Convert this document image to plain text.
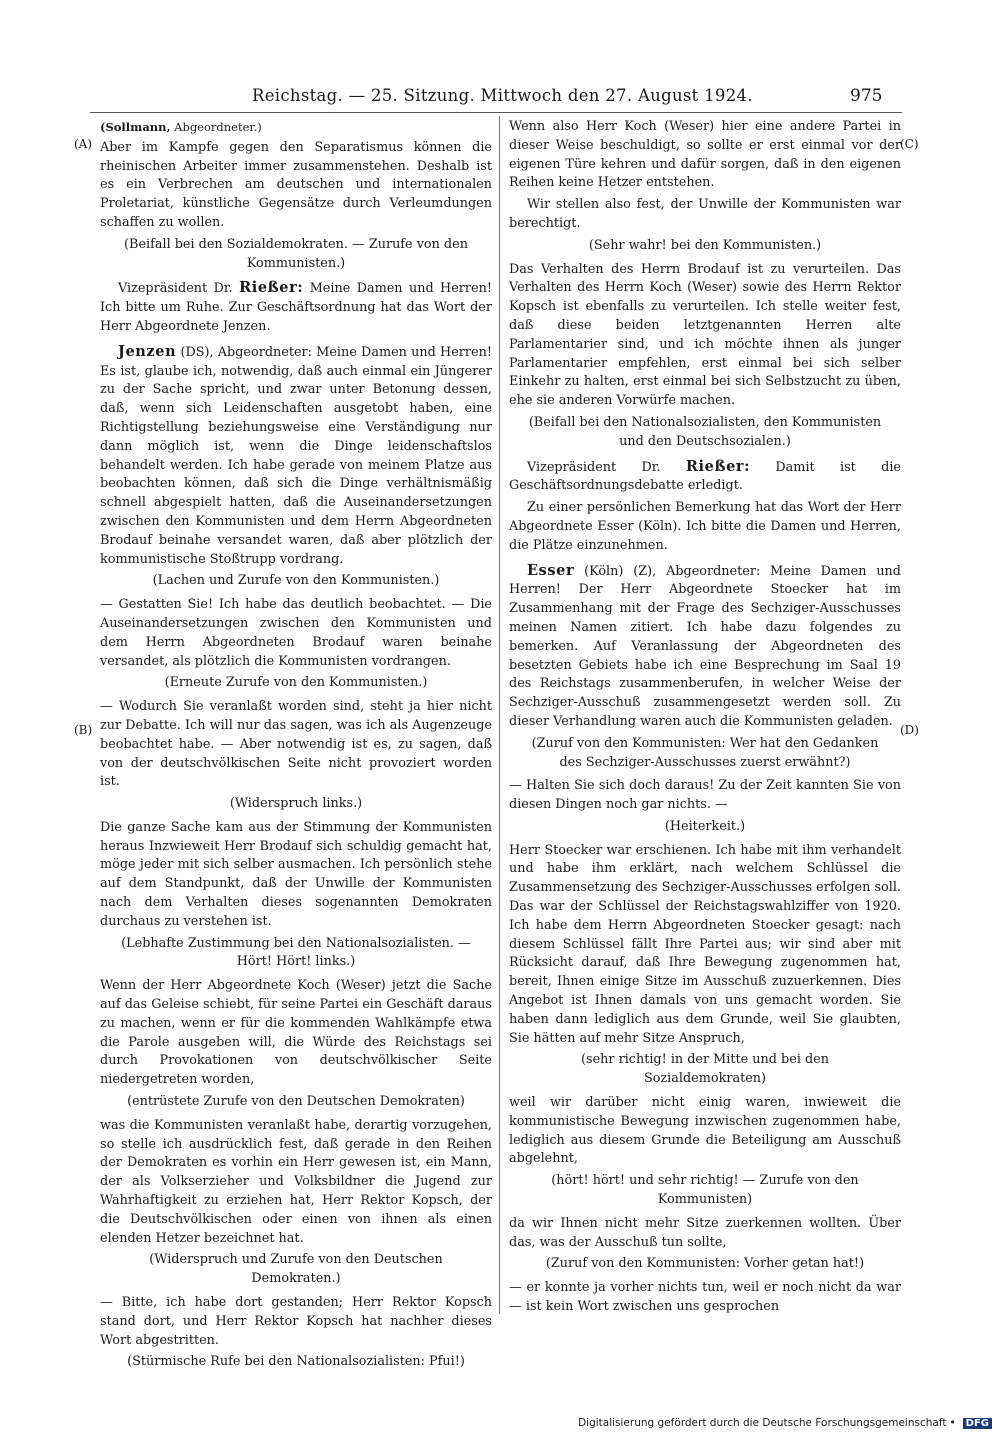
Reichstag. — 25. Sitzung. Mittwoch den 27. August 1924.	975
(A)
(B)
(C)
(D)

(Sollmann, Abgeordneter.)

Aber im Kampfe gegen den Separatismus können die rheinischen Arbeiter immer zusammenstehen. Deshalb ist es ein Verbrechen am deutschen und internationalen Proletariat, künstliche Gegensätze durch Verleumdungen schaffen zu wollen.

(Beifall bei den Sozialdemokraten. — Zurufe von den Kommunisten.)

Vizepräsident Dr. Rießer: Meine Damen und Herren! Ich bitte um Ruhe. Zur Geschäftsordnung hat das Wort der Herr Abgeordnete Jenzen.

Jenzen (DS), Abgeordneter: Meine Damen und Herren! Es ist, glaube ich, notwendig, daß auch einmal ein Jüngerer zu der Sache spricht, und zwar unter Betonung dessen, daß, wenn sich Leidenschaften ausgetobt haben, eine Richtigstellung beziehungsweise eine Verständigung nur dann möglich ist, wenn die Dinge leidenschaftslos behandelt werden. Ich habe gerade von meinem Platze aus beobachten können, daß sich die Dinge verhältnismäßig schnell abgespielt hatten, daß die Auseinandersetzungen zwischen den Kommunisten und dem Herrn Abgeordneten Brodauf beinahe versandet waren, daß aber plötzlich der kommunistische Stoßtrupp vordrang.

(Lachen und Zurufe von den Kommunisten.)

— Gestatten Sie! Ich habe das deutlich beobachtet. — Die Auseinandersetzungen zwischen den Kommunisten und dem Herrn Abgeordneten Brodauf waren beinahe versandet, als plötzlich die Kommunisten vordrangen.

(Erneute Zurufe von den Kommunisten.)

— Wodurch Sie veranlaßt worden sind, steht ja hier nicht zur Debatte. Ich will nur das sagen, was ich als Augenzeuge beobachtet habe. — Aber notwendig ist es, zu sagen, daß von der deutschvölkischen Seite nicht provoziert worden ist.

(Widerspruch links.)

Die ganze Sache kam aus der Stimmung der Kommunisten heraus Inzwieweit Herr Brodauf sich schuldig gemacht hat, möge jeder mit sich selber ausmachen. Ich persönlich stehe auf dem Standpunkt, daß der Unwille der Kommunisten nach dem Verhalten dieses sogenannten Demokraten durchaus zu verstehen ist.

(Lebhafte Zustimmung bei den Nationalsozialisten. — Hört! Hört! links.)

Wenn der Herr Abgeordnete Koch (Weser) jetzt die Sache auf das Geleise schiebt, für seine Partei ein Geschäft daraus zu machen, wenn er für die kommenden Wahlkämpfe etwa die Parole ausgeben will, die Würde des Reichstags sei durch Provokationen von deutschvölkischer Seite niedergetreten worden,

(entrüstete Zurufe von den Deutschen Demokraten)

was die Kommunisten veranlaßt habe, derartig vorzugehen, so stelle ich ausdrücklich fest, daß gerade in den Reihen der Demokraten es vorhin ein Herr gewesen ist, ein Mann, der als Volkserzieher und Volksbildner die Jugend zur Wahrhaftigkeit zu erziehen hat, Herr Rektor Kopsch, der die Deutschvölkischen oder einen von ihnen als einen elenden Hetzer bezeichnet hat.

(Widerspruch und Zurufe von den Deutschen Demokraten.)

— Bitte, ich habe dort gestanden; Herr Rektor Kopsch stand dort, und Herr Rektor Kopsch hat nachher dieses Wort abgestritten.

(Stürmische Rufe bei den Nationalsozialisten: Pfui!)

Wenn also Herr Koch (Weser) hier eine andere Partei in dieser Weise beschuldigt, so sollte er erst einmal vor der eigenen Türe kehren und dafür sorgen, daß in den eigenen Reihen keine Hetzer entstehen.

Wir stellen also fest, der Unwille der Kommunisten war berechtigt.

(Sehr wahr! bei den Kommunisten.)

Das Verhalten des Herrn Brodauf ist zu verurteilen. Das Verhalten des Herrn Koch (Weser) sowie des Herrn Rektor Kopsch ist ebenfalls zu verurteilen. Ich stelle weiter fest, daß diese beiden letztgenannten Herren alte Parlamentarier sind, und ich möchte ihnen als junger Parlamentarier empfehlen, erst einmal bei sich selber Einkehr zu halten, erst einmal bei sich Selbstzucht zu üben, ehe sie anderen Vorwürfe machen.

(Beifall bei den Nationalsozialisten, den Kommunisten und den Deutschsozialen.)

Vizepräsident Dr. Rießer: Damit ist die Geschäftsordnungsdebatte erledigt.

Zu einer persönlichen Bemerkung hat das Wort der Herr Abgeordnete Esser (Köln). Ich bitte die Damen und Herren, die Plätze einzunehmen.

Esser (Köln) (Z), Abgeordneter: Meine Damen und Herren! Der Herr Abgeordnete Stoecker hat im Zusammenhang mit der Frage des Sechziger-Ausschusses meinen Namen zitiert. Ich habe dazu folgendes zu bemerken. Auf Veranlassung der Abgeordneten des besetzten Gebiets habe ich eine Besprechung im Saal 19 des Reichstags zusammenberufen, in welcher Weise der Sechziger-Ausschuß zusammengesetzt werden soll. Zu dieser Verhandlung waren auch die Kommunisten geladen.

(Zuruf von den Kommunisten: Wer hat den Gedanken des Sechziger-Ausschusses zuerst erwähnt?)

— Halten Sie sich doch daraus! Zu der Zeit kannten Sie von diesen Dingen noch gar nichts. —

(Heiterkeit.)

Herr Stoecker war erschienen. Ich habe mit ihm verhandelt und habe ihm erklärt, nach welchem Schlüssel die Zusammensetzung des Sechziger-Ausschusses erfolgen soll. Das war der Schlüssel der Reichstagswahlziffer von 1920. Ich habe dem Herrn Abgeordneten Stoecker gesagt: nach diesem Schlüssel fällt Ihre Partei aus; wir sind aber mit Rücksicht darauf, daß Ihre Bewegung zugenommen hat, bereit, Ihnen einige Sitze im Ausschuß zuzuerkennen. Dies Angebot ist Ihnen damals von uns gemacht worden. Sie haben dann lediglich aus dem Grunde, weil Sie glaubten, Sie hätten auf mehr Sitze Anspruch,

(sehr richtig! in der Mitte und bei den Sozialdemokraten)

weil wir darüber nicht einig waren, inwieweit die kommunistische Bewegung inzwischen zugenommen habe, lediglich aus diesem Grunde die Beteiligung am Ausschuß abgelehnt,

(hört! hört! und sehr richtig! — Zurufe von den Kommunisten)

da wir Ihnen nicht mehr Sitze zuerkennen wollten. Über das, was der Ausschuß tun sollte,

(Zuruf von den Kommunisten: Vorher getan hat!)

— er konnte ja vorher nichts tun, weil er noch nicht da war — ist kein Wort zwischen uns gesprochen

Digitalisierung gefördert durch die Deutsche Forschungsgemeinschaft • DFG
